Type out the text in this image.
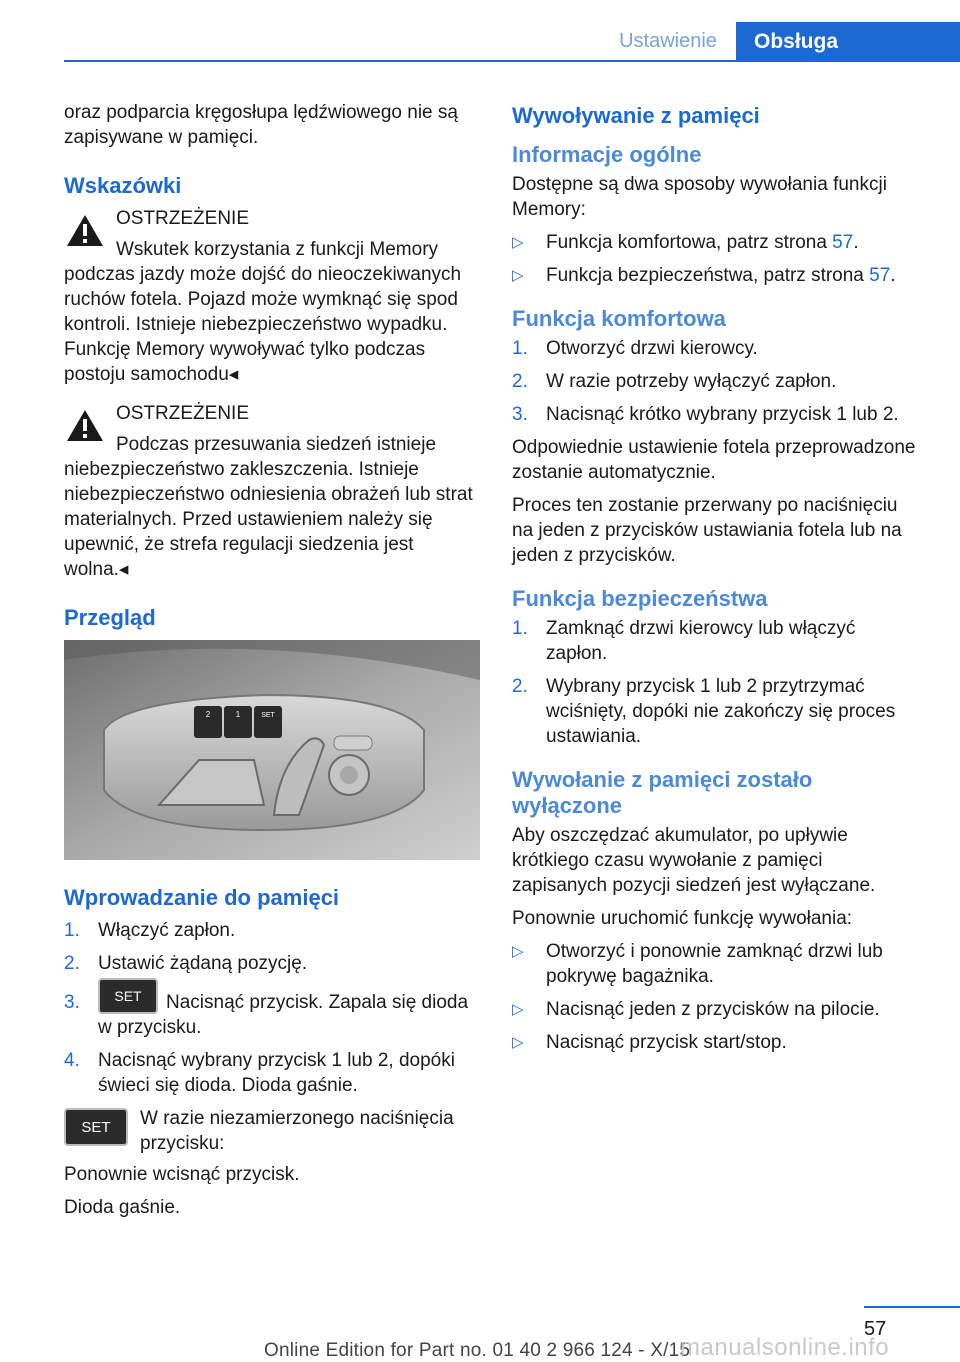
Ustawienie	Obsługa

oraz podparcia kręgosłupa lędźwiowego nie są zapisywane w pamięci.

Wskazówki
OSTRZEŻENIE
Wskutek korzystania z funkcji Memory podczas jazdy może dojść do nieoczekiwanych ruchów fotela. Pojazd może wymknąć się spod kontroli. Istnieje niebezpieczeństwo wypadku. Funkcję Memory wywoływać tylko podczas postoju samochodu◂
OSTRZEŻENIE
Podczas przesuwania siedzeń istnieje niebezpieczeństwo zakleszczenia. Istnieje niebezpieczeństwo odniesienia obrażeń lub strat materialnych. Przed ustawieniem należy się upewnić, że strefa regulacji siedzenia jest wolna.◂
Przegląd
2	1	SET
Wprowadzanie do pamięci
1. Włączyć zapłon.
2. Ustawić żądaną pozycję.
3. SET Nacisnąć przycisk. Zapala się dioda w przycisku.
4. Nacisnąć wybrany przycisk 1 lub 2, dopóki świeci się dioda. Dioda gaśnie.
SET W razie niezamierzonego naciśnięcia przycisku:

Ponownie wcisnąć przycisk.

Dioda gaśnie.

Wywoływanie z pamięci
Informacje ogólne

Dostępne są dwa sposoby wywołania funkcji Memory:

▷ Funkcja komfortowa, patrz strona 57.
▷ Funkcja bezpieczeństwa, patrz strona 57.
Funkcja komfortowa
1. Otworzyć drzwi kierowcy.
2. W razie potrzeby wyłączyć zapłon.
3. Nacisnąć krótko wybrany przycisk 1 lub 2.

Odpowiednie ustawienie fotela przeprowadzone zostanie automatycznie.

Proces ten zostanie przerwany po naciśnięciu na jeden z przycisków ustawiania fotela lub na jeden z przycisków.

Funkcja bezpieczeństwa
1. Zamknąć drzwi kierowcy lub włączyć zapłon.
2. Wybrany przycisk 1 lub 2 przytrzymać wciśnięty, dopóki nie zakończy się proces ustawiania.
Wywołanie z pamięci zostało wyłączone

Aby oszczędzać akumulator, po upływie krótkiego czasu wywołanie z pamięci zapisanych pozycji siedzeń jest wyłączane.

Ponownie uruchomić funkcję wywołania:

▷ Otworzyć i ponownie zamknąć drzwi lub pokrywę bagażnika.
▷ Nacisnąć jeden z przycisków na pilocie.
▷ Nacisnąć przycisk start/stop.
57
Online Edition for Part no. 01 40 2 966 124 - X/15
manualsonline.info
